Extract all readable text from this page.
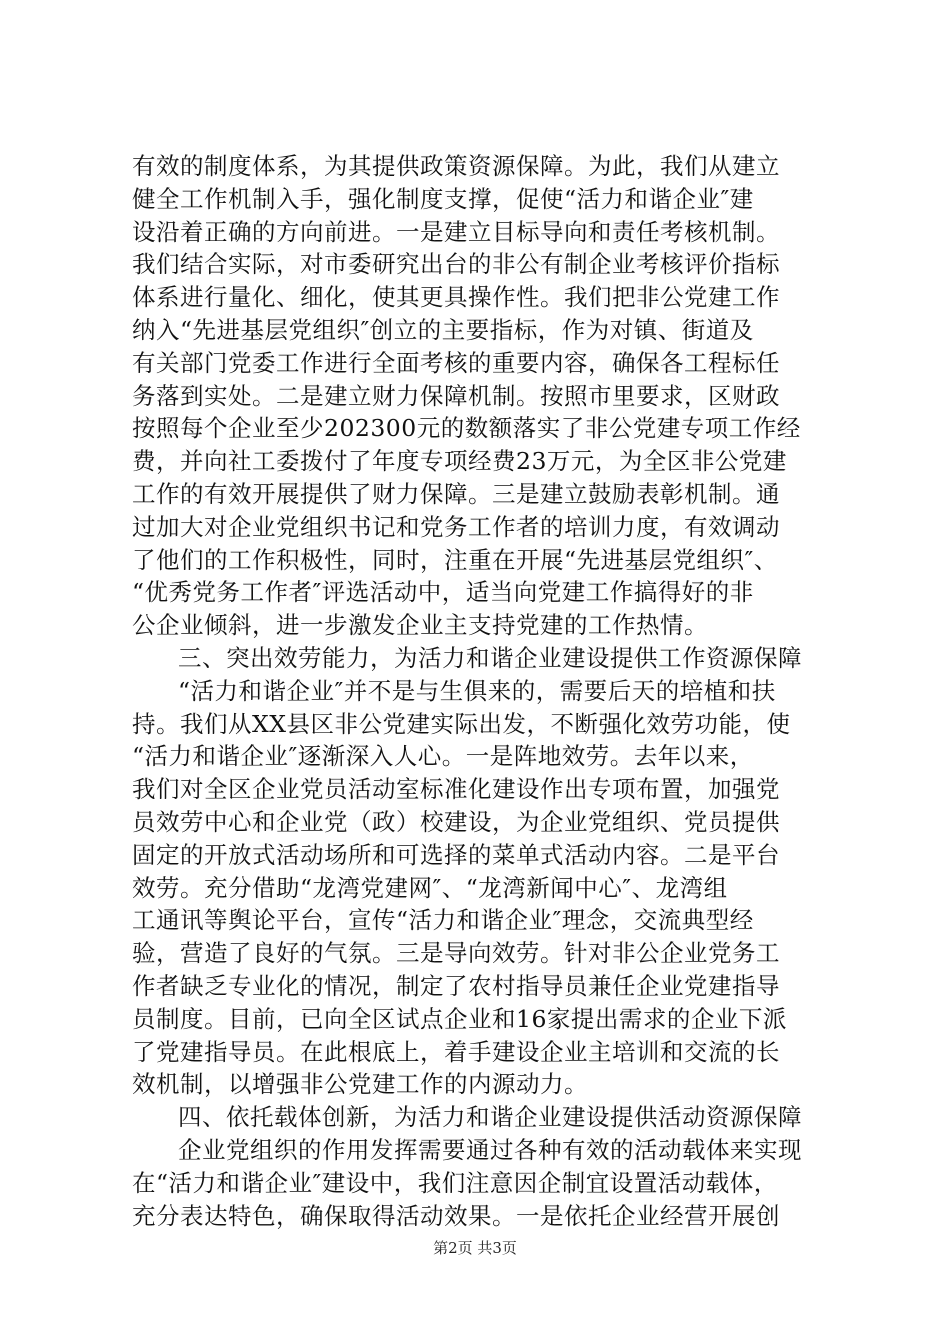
有效的制度体系，为其提供政策资源保障。为此，我们从建立
健全工作机制入手，强化制度支撑，促使“活力和谐企业″建
设沿着正确的方向前进。一是建立目标导向和责任考核机制。
我们结合实际，对市委研究出台的非公有制企业考核评价指标
体系进行量化、细化，使其更具操作性。我们把非公党建工作
纳入“先进基层党组织″创立的主要指标，作为对镇、街道及
有关部门党委工作进行全面考核的重要内容，确保各工程标任
务落到实处。二是建立财力保障机制。按照市里要求，区财政
按照每个企业至少202300元的数额落实了非公党建专项工作经
费，并向社工委拨付了年度专项经费23万元，为全区非公党建
工作的有效开展提供了财力保障。三是建立鼓励表彰机制。通
过加大对企业党组织书记和党务工作者的培训力度，有效调动
了他们的工作积极性，同时，注重在开展“先进基层党组织″、
“优秀党务工作者″评选活动中，适当向党建工作搞得好的非
公企业倾斜，进一步激发企业主支持党建的工作热情。
三、突出效劳能力，为活力和谐企业建设提供工作资源保障
“活力和谐企业″并不是与生俱来的，需要后天的培植和扶
持。我们从XX县区非公党建实际出发，不断强化效劳功能，使
“活力和谐企业″逐渐深入人心。一是阵地效劳。去年以来，
我们对全区企业党员活动室标准化建设作出专项布置，加强党
员效劳中心和企业党（政）校建设，为企业党组织、党员提供
固定的开放式活动场所和可选择的菜单式活动内容。二是平台
效劳。充分借助“龙湾党建网″、“龙湾新闻中心″、龙湾组
工通讯等舆论平台，宣传“活力和谐企业″理念，交流典型经
验，营造了良好的气氛。三是导向效劳。针对非公企业党务工
作者缺乏专业化的情况，制定了农村指导员兼任企业党建指导
员制度。目前，已向全区试点企业和16家提出需求的企业下派
了党建指导员。在此根底上，着手建设企业主培训和交流的长
效机制，以增强非公党建工作的内源动力。
四、依托载体创新，为活力和谐企业建设提供活动资源保障
企业党组织的作用发挥需要通过各种有效的活动载体来实现
在“活力和谐企业″建设中，我们注意因企制宜设置活动载体，
充分表达特色，确保取得活动效果。一是依托企业经营开展创
第2页 共3页
